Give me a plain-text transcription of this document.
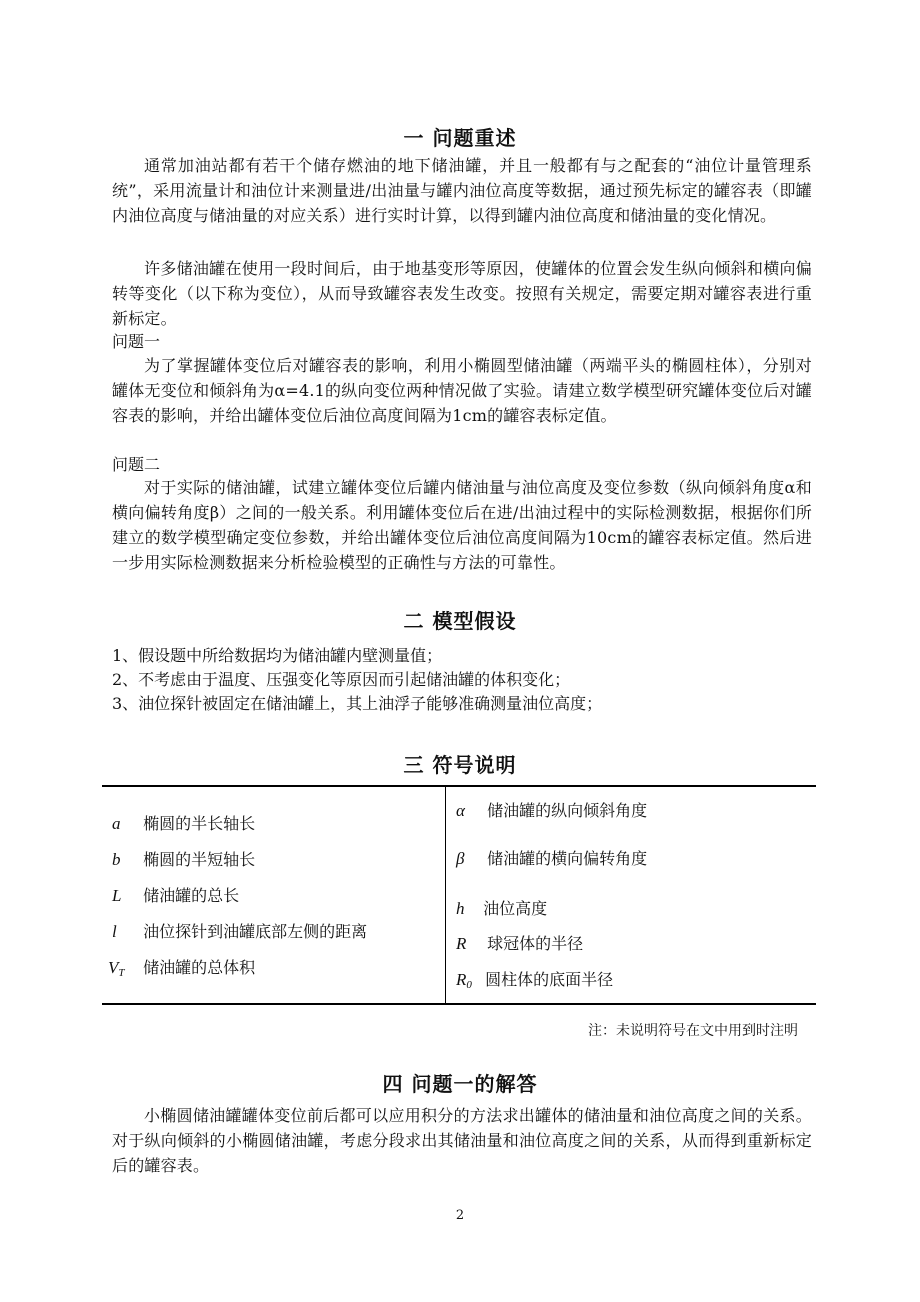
一 问题重述
通常加油站都有若干个储存燃油的地下储油罐，并且一般都有与之配套的“油位计量管理系统”，采用流量计和油位计来测量进/出油量与罐内油位高度等数据，通过预先标定的罐容表（即罐内油位高度与储油量的对应关系）进行实时计算，以得到罐内油位高度和储油量的变化情况。
许多储油罐在使用一段时间后，由于地基变形等原因，使罐体的位置会发生纵向倾斜和横向偏转等变化（以下称为变位），从而导致罐容表发生改变。按照有关规定，需要定期对罐容表进行重新标定。
问题一
为了掌握罐体变位后对罐容表的影响，利用小椭圆型储油罐（两端平头的椭圆柱体），分别对罐体无变位和倾斜角为α=4.1的纵向变位两种情况做了实验。请建立数学模型研究罐体变位后对罐容表的影响，并给出罐体变位后油位高度间隔为1cm的罐容表标定值。
问题二
对于实际的储油罐，试建立罐体变位后罐内储油量与油位高度及变位参数（纵向倾斜角度α和横向偏转角度β）之间的一般关系。利用罐体变位后在进/出油过程中的实际检测数据，根据你们所建立的数学模型确定变位参数，并给出罐体变位后油位高度间隔为10cm的罐容表标定值。然后进一步用实际检测数据来分析检验模型的正确性与方法的可靠性。
二 模型假设
1、假设题中所给数据均为储油罐内壁测量值；
2、不考虑由于温度、压强变化等原因而引起储油罐的体积变化；
3、油位探针被固定在储油罐上，其上油浮子能够准确测量油位高度；
三 符号说明
a 椭圆的半长轴长
b 椭圆的半短轴长
L 储油罐的总长
l 油位探针到油罐底部左侧的距离
$V_T$ 储油罐的总体积
α 储油罐的纵向倾斜角度
β 储油罐的横向偏转角度
h 油位高度
R 球冠体的半径
$R_0$ 圆柱体的底面半径
注：未说明符号在文中用到时注明
四 问题一的解答
小椭圆储油罐罐体变位前后都可以应用积分的方法求出罐体的储油量和油位高度之间的关系。对于纵向倾斜的小椭圆储油罐，考虑分段求出其储油量和油位高度之间的关系，从而得到重新标定后的罐容表。
2
